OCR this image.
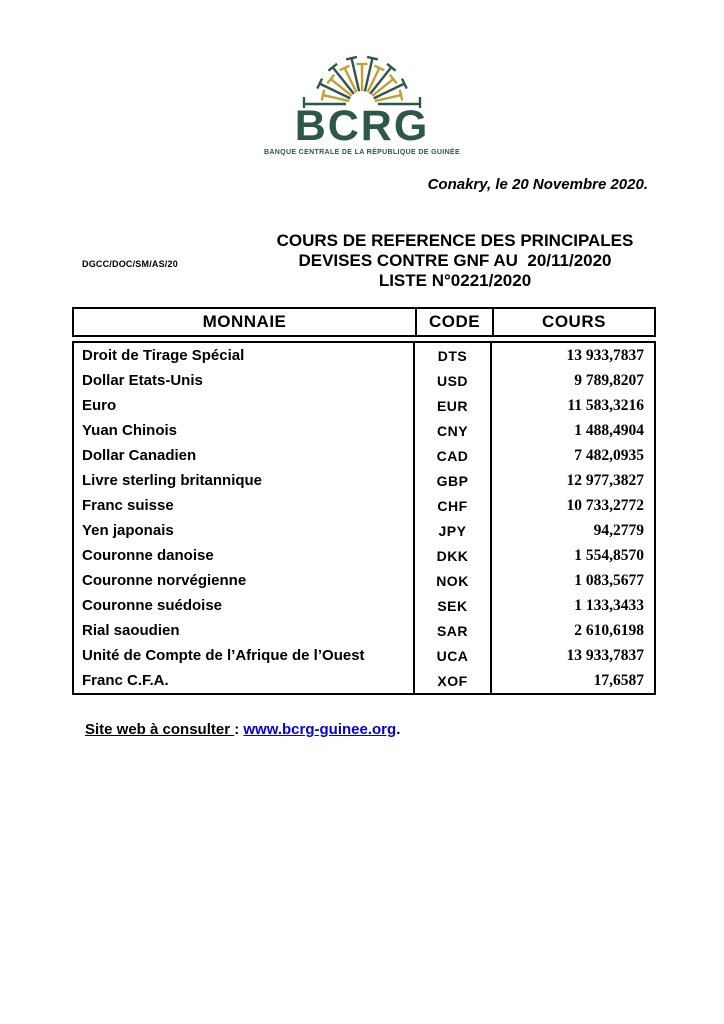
BCRG
BANQUE CENTRALE DE LA RÉPUBLIQUE DE GUINÉE
Conakry, le 20 Novembre 2020.
DGCC/DOC/SM/AS/20
COURS DE REFERENCE DES PRINCIPALES
DEVISES CONTRE GNF AU  20/11/2020
LISTE N°0221/2020
MONNAIE	CODE	COURS
Droit de Tirage Spécial	DTS	13 933,7837
Dollar Etats-Unis	USD	9 789,8207
Euro	EUR	11 583,3216
Yuan Chinois	CNY	1 488,4904
Dollar Canadien	CAD	7 482,0935
Livre sterling britannique	GBP	12 977,3827
Franc suisse	CHF	10 733,2772
Yen japonais	JPY	94,2779
Couronne danoise	DKK	1 554,8570
Couronne norvégienne	NOK	1 083,5677
Couronne suédoise	SEK	1 133,3433
Rial saoudien	SAR	2 610,6198
Unité de Compte de l’Afrique de l’Ouest	UCA	13 933,7837
Franc C.F.A.	XOF	17,6587
Site web à consulter : www.bcrg-guinee.org.
